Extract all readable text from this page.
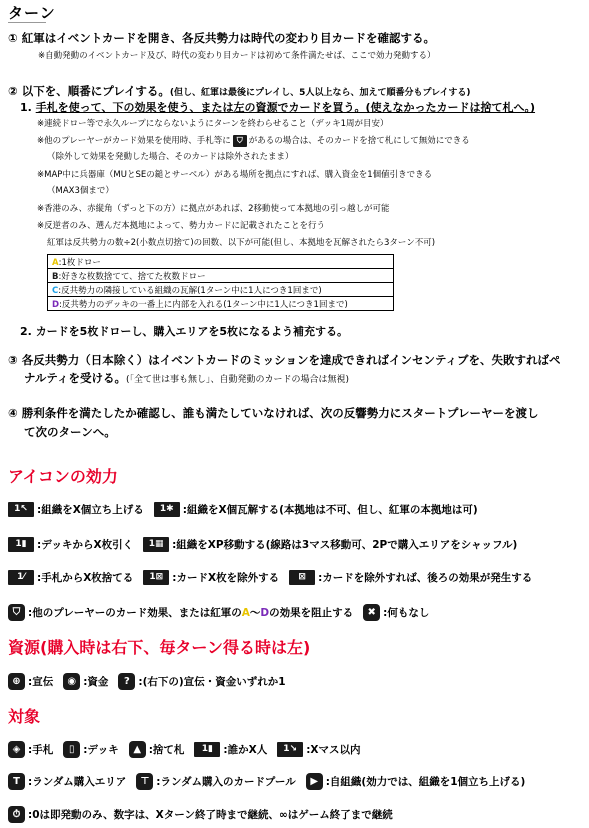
ターン
① 紅軍はイベントカードを開き、各反共勢力は時代の変わり目カードを確認する。
※自動発動のイベントカード及び、時代の変わり目カードは初めて条件満たせば、ここで効力発動する）
② 以下を、順番にプレイする。(但し、紅軍は最後にプレイし、5人以上なら、加えて順番分もプレイする)
1. 手札を使って、下の効果を使う、または左の資源でカードを買う。(使えなかったカードは捨て札へ。)
※連続ドロー等で永久ループにならないようにターンを終わらせること（デッキ1周が目安）
※他のプレーヤーがカード効果を使用時、手札等に ⛉ があるの場合は、そのカードを捨て札にして無効にできる
（除外して効果を発動した場合、そのカードは除外されたまま）
※MAP中に兵器庫（MUとSEの鎚とサーベル）がある場所を拠点にすれば、購入資金を1個値引きできる
（MAX3個まで）
※香港のみ、赤縦角（ずっと下の方）に拠点があれば、2移動使って本拠地の引っ越しが可能
※反逆者のみ、選んだ本拠地によって、勢力カードに記載されたことを行う
紅軍は反共勢力の数÷2(小数点切捨て)の回数、以下が可能(但し、本拠地を瓦解されたら3ターン不可)
A:1枚ドロー
B:好きな枚数捨てて、捨てた枚数ドロー
C:反共勢力の隣接している組織の瓦解(1ターン中に1人につき1回まで)
D:反共勢力のデッキの一番上に内部を入れる(1ターン中に1人につき1回まで)
2. カードを5枚ドローし、購入エリアを5枚になるよう補充する。
③ 各反共勢力（日本除く）はイベントカードのミッションを達成できればインセンティブを、失敗すればペ
ナルティを受ける。(「全て世は事も無し」、自動発動のカードの場合は無視)
④ 勝利条件を満たしたか確認し、誰も満たしていなければ、次の反響勢力にスタートプレーヤーを渡し
て次のターンへ。
アイコンの効力
1↖ :組織をX個立ち上げる	1✱ :組織をX個瓦解する(本拠地は不可、但し、紅軍の本拠地は可)
1▮ :デッキからX枚引く	1▦ :組織をXP移動する(線路は3マス移動可、2Pで購入エリアをシャッフル)
1⁄	:手札からX枚捨てる	1⊠ :カードX枚を除外する	⊠	:カードを除外すれば、後ろの効果が発生する
⛉ :他のプレーヤーのカード効果、または紅軍の A 〜 D の効果を阻止する	✖ :何もなし
資源(購入時は右下、毎ターン得る時は左)
⊕ :宣伝	◉ :資金	? :(右下の)宣伝・資金いずれか1
対象
◈ :手札	▯ :デッキ	▲ :捨て札	1▮ :誰かX人	1↘ :Xマス以内
T :ランダム購入エリア	⊤ :ランダム購入のカードプール	▶ :自組織(効力では、組織を1個立ち上げる)
⏱ :0は即発動のみ、数字は、Xターン終了時まで継続、∞はゲーム終了まで継続
